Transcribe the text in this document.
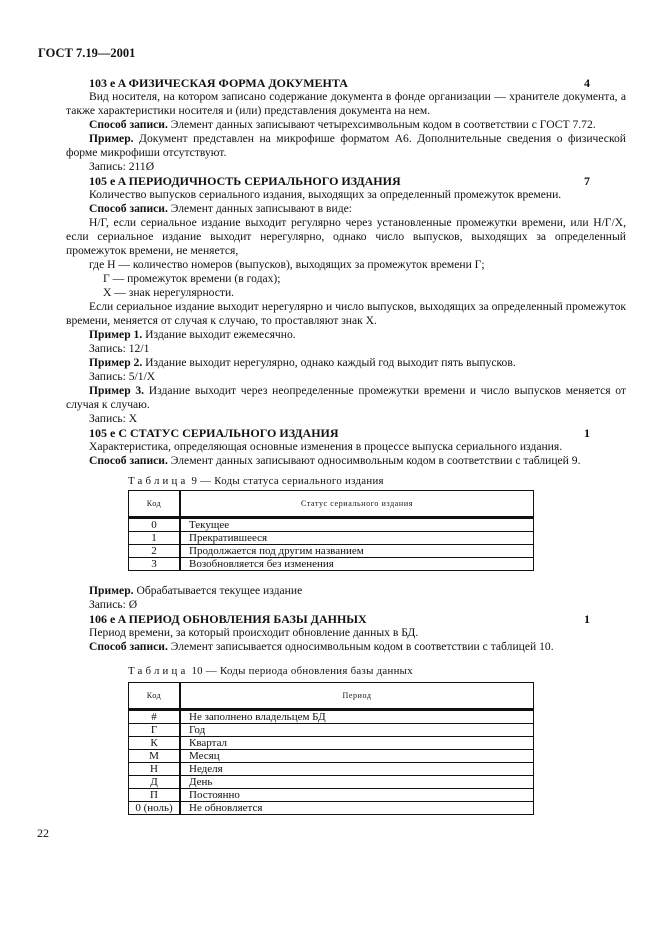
ГОСТ 7.19—2001
103 e A ФИЗИЧЕСКАЯ ФОРМА ДОКУМЕНТА	4

Вид носителя, на котором записано содержание документа в фонде организации — хранителе документа, а также характеристики носителя и (или) представления документа на нем.

Способ записи. Элемент данных записывают четырехсимвольным кодом в соответствии с ГОСТ 7.72.

Пример. Документ представлен на микрофише форматом А6. Дополнительные сведения о физической форме микрофиши отсутствуют.

Запись: 211Ø
105 e A ПЕРИОДИЧНОСТЬ СЕРИАЛЬНОГО ИЗДАНИЯ	7

Количество выпусков сериального издания, выходящих за определенный промежуток времени.

Способ записи. Элемент данных записывают в виде:

Н/Г, если сериальное издание выходит регулярно через установленные промежутки времени, или Н/Г/Х, если сериальное издание выходит нерегулярно, однако число выпусков, выходящих за определенный промежуток времени, не меняется,

где Н — количество номеров (выпусков), выходящих за промежуток времени Г;
Г — промежуток времени (в годах);
Х — знак нерегулярности.

Если сериальное издание выходит нерегулярно и число выпусков, выходящих за определенный промежуток времени, меняется от случая к случаю, то проставляют знак Х.

Пример 1. Издание выходит ежемесячно.

Запись: 12/1

Пример 2. Издание выходит нерегулярно, однако каждый год выходит пять выпусков.

Запись: 5/1/Х

Пример 3. Издание выходит через неопределенные промежутки времени и число выпусков меняется от случая к случаю.

Запись: Х
105 e C СТАТУС СЕРИАЛЬНОГО ИЗДАНИЯ	1

Характеристика, определяющая основные изменения в процессе выпуска сериального издания.

Способ записи. Элемент данных записывают односимвольным кодом в соответствии с таблицей 9.

Таблица 9 — Коды статуса сериального издания
Код	Статус сериального издания
0	Текущее
1	Прекратившееся
2	Продолжается под другим названием
3	Возобновляется без изменения

Пример. Обрабатывается текущее издание

Запись: Ø
106 e A ПЕРИОД ОБНОВЛЕНИЯ БАЗЫ ДАННЫХ	1

Период времени, за который происходит обновление данных в БД.

Способ записи. Элемент записывается односимвольным кодом в соответствии с таблицей 10.

Таблица 10 — Коды периода обновления базы данных
Код	Период
#	Не заполнено владельцем БД
Г	Год
К	Квартал
М	Месяц
Н	Неделя
Д	День
П	Постоянно
0 (ноль)	Не обновляется
22
